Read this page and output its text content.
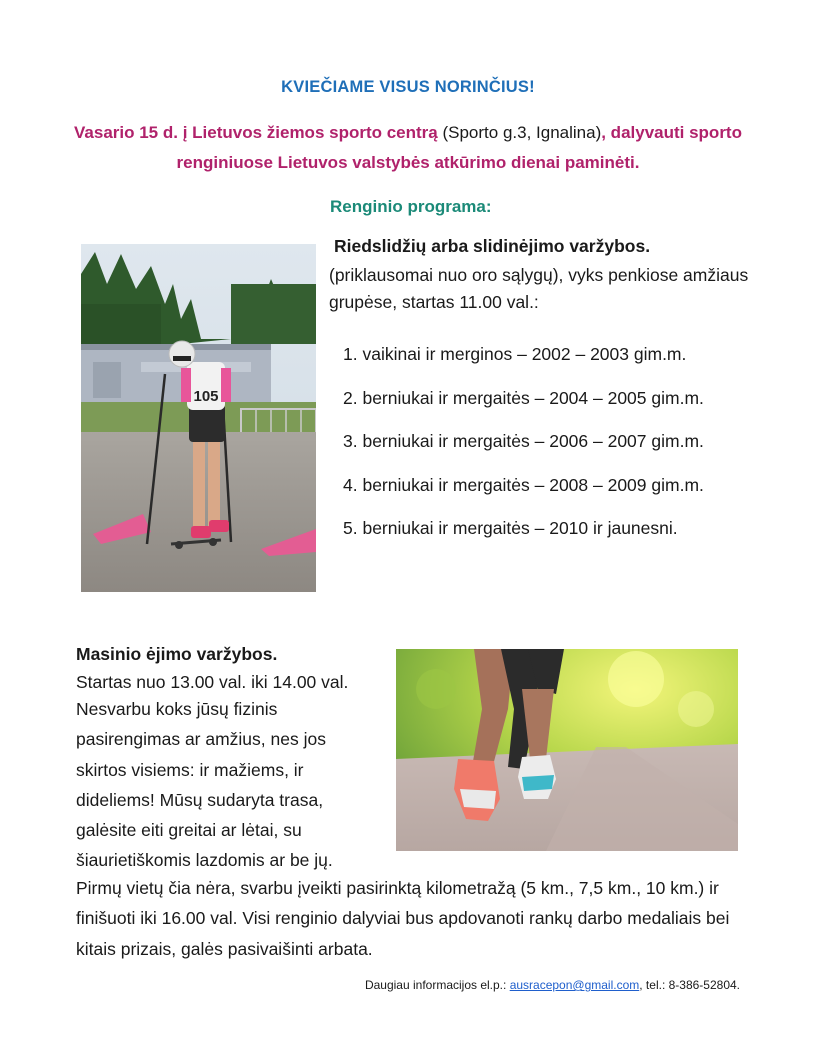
KVIEČIAME VISUS NORINČIUS!
Vasario 15 d. į Lietuvos žiemos sporto centrą (Sporto g.3, Ignalina), dalyvauti sporto renginiuose Lietuvos valstybės atkūrimo dienai paminėti.
Renginio programa:
105
Riedslidžių arba slidinėjimo varžybos.
(priklausomai nuo oro sąlygų), vyks penkiose amžiaus grupėse, startas 11.00 val.:
1. vaikinai ir merginos – 2002 – 2003 gim.m.
2. berniukai ir mergaitės – 2004 – 2005 gim.m.
3. berniukai ir mergaitės – 2006 – 2007 gim.m.
4. berniukai ir mergaitės – 2008 – 2009 gim.m.
5. berniukai ir mergaitės – 2010 ir jaunesni.
Masinio ėjimo varžybos.
Startas nuo 13.00 val. iki 14.00 val.
Nesvarbu koks jūsų fizinis pasirengimas ar amžius, nes jos skirtos visiems: ir mažiems, ir dideliems! Mūsų sudaryta trasa, galėsite eiti greitai ar lėtai, su šiaurietiškomis lazdomis ar be jų.
Pirmų vietų čia nėra, svarbu įveikti pasirinktą kilometražą (5 km., 7,5 km., 10 km.) ir finišuoti iki 16.00 val. Visi renginio dalyviai bus apdovanoti rankų darbo medaliais bei kitais prizais, galės pasivaišinti arbata.
Daugiau informacijos el.p.: ausracepon@gmail.com, tel.: 8-386-52804.
